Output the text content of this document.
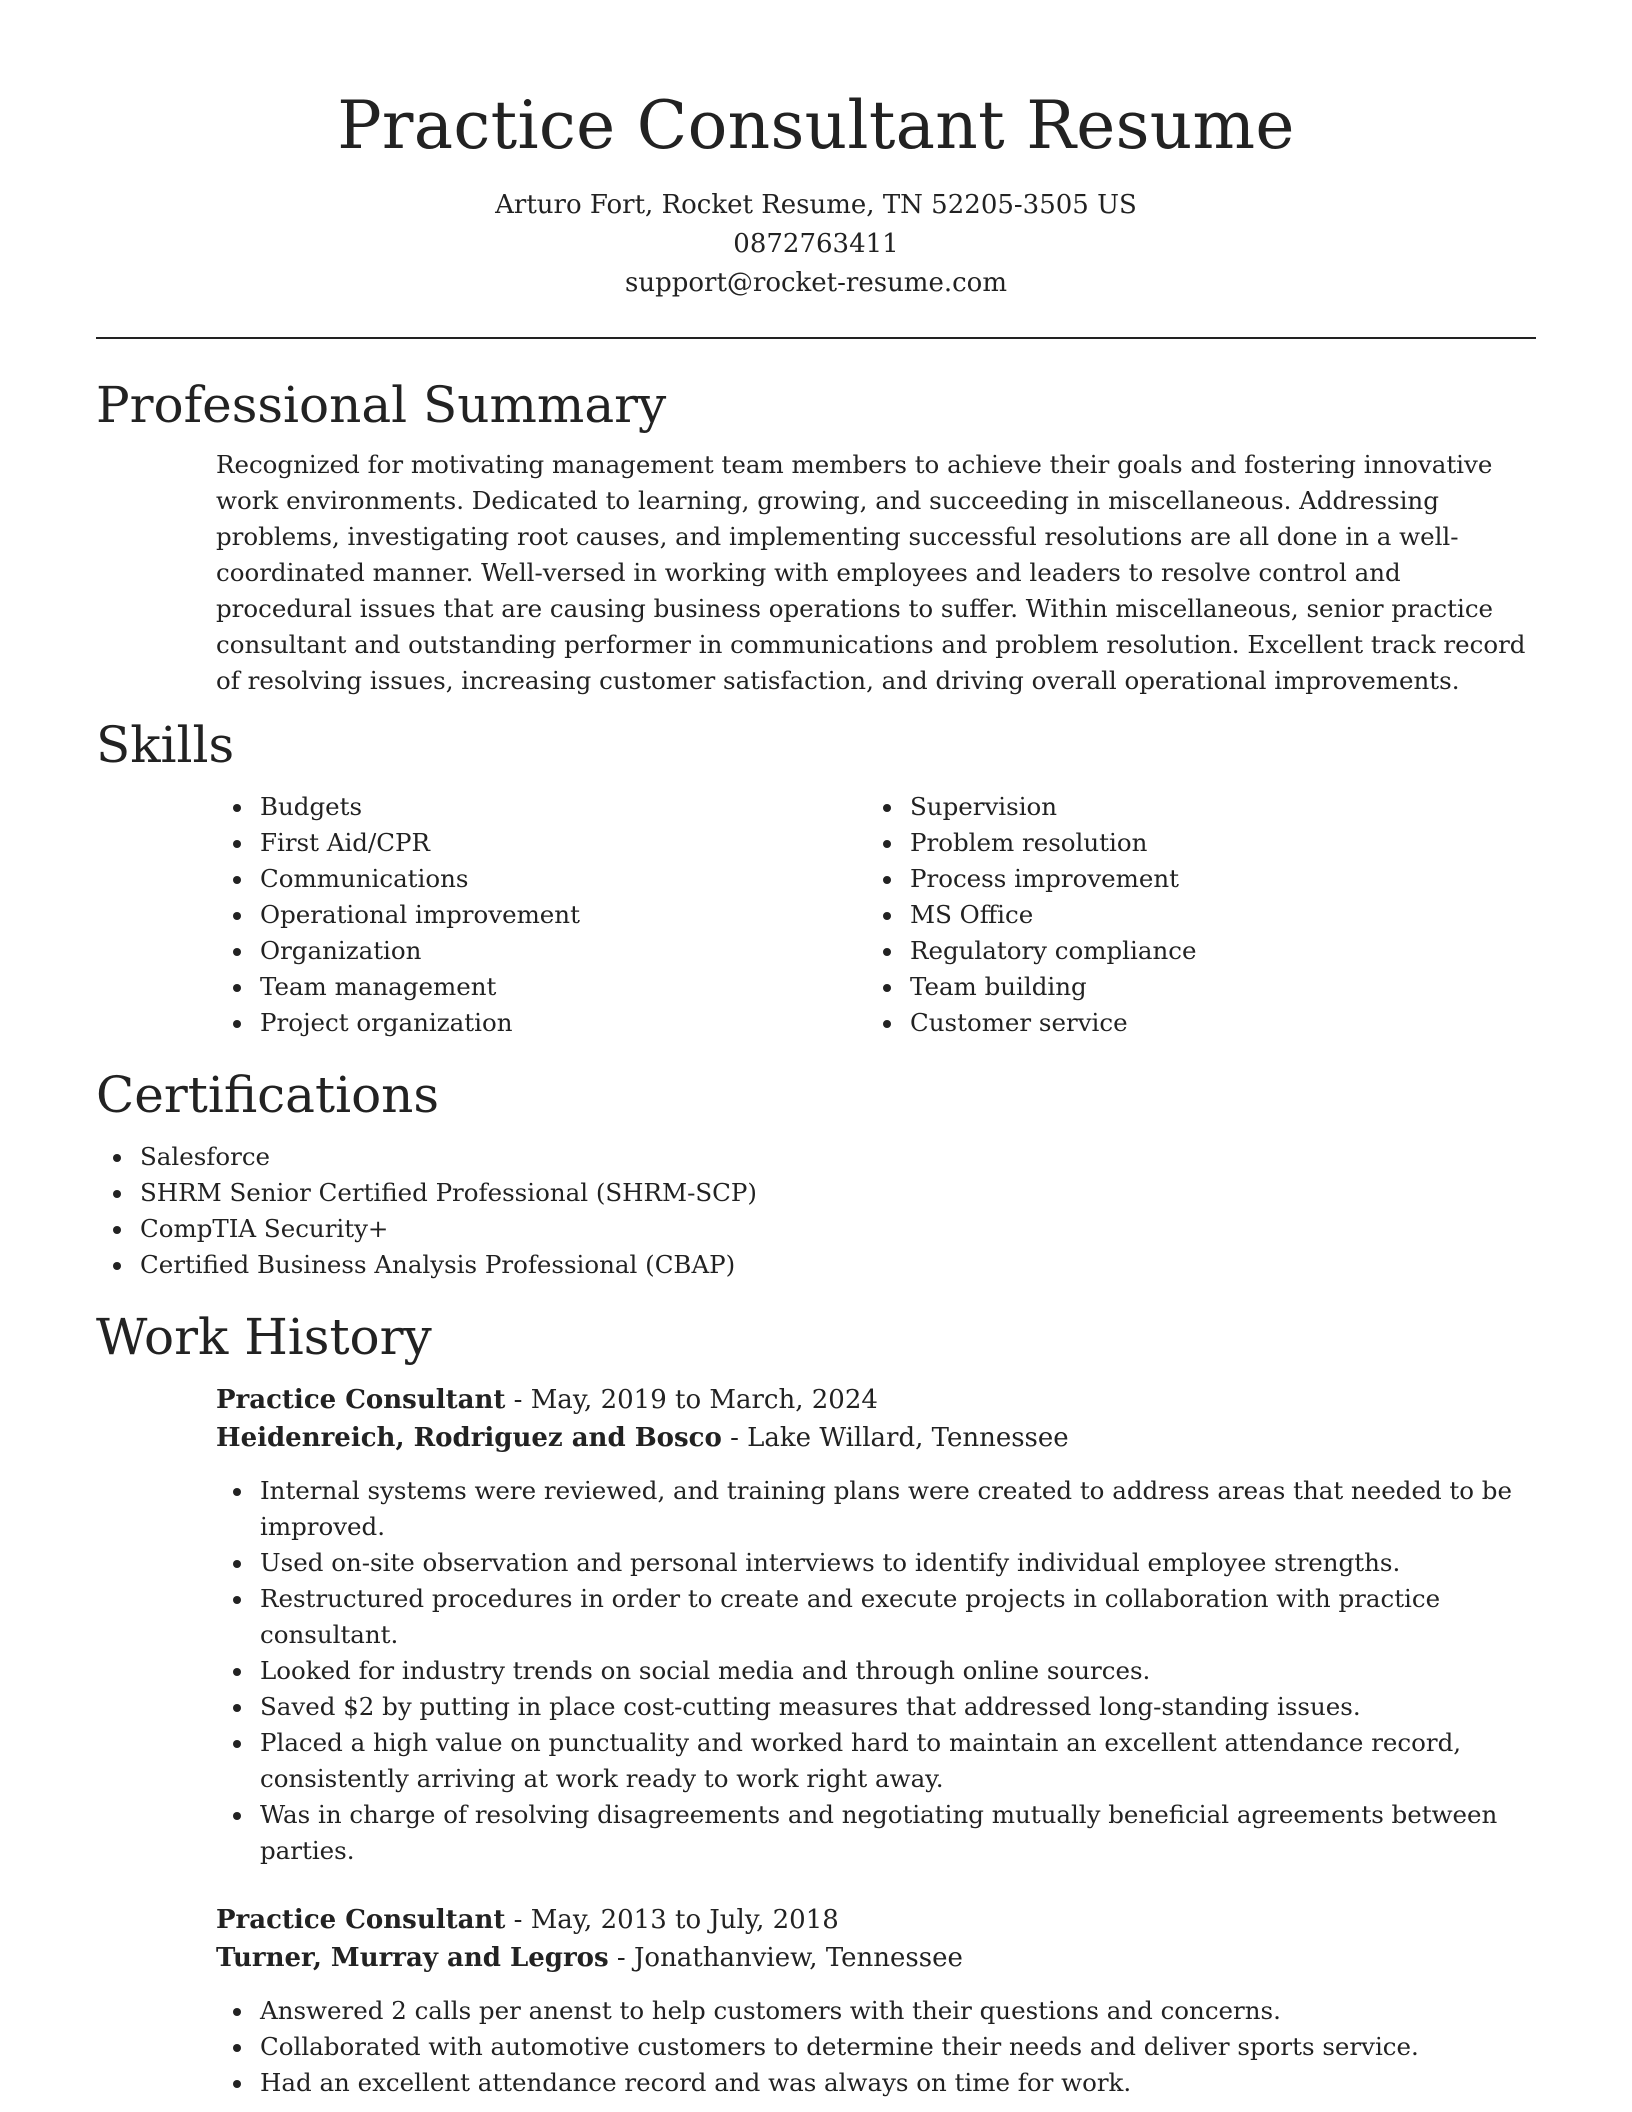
Practice Consultant Resume
Arturo Fort, Rocket Resume, TN 52205-3505 US
0872763411
support@rocket-resume.com
Professional Summary

Recognized for motivating management team members to achieve their goals and fostering innovative work environments. Dedicated to learning, growing, and succeeding in miscellaneous. Addressing problems, investigating root causes, and implementing successful resolutions are all done in a well-coordinated manner. Well-versed in working with employees and leaders to resolve control and procedural issues that are causing business operations to suffer. Within miscellaneous, senior practice consultant and outstanding performer in communications and problem resolution. Excellent track record of resolving issues, increasing customer satisfaction, and driving overall operational improvements.

Skills
Budgets
First Aid/CPR
Communications
Operational improvement
Organization
Team management
Project organization
Supervision
Problem resolution
Process improvement
MS Office
Regulatory compliance
Team building
Customer service
Certifications
Salesforce
SHRM Senior Certified Professional (SHRM-SCP)
CompTIA Security+
Certified Business Analysis Professional (CBAP)
Work History
Practice Consultant - May, 2019 to March, 2024
Heidenreich, Rodriguez and Bosco - Lake Willard, Tennessee
Internal systems were reviewed, and training plans were created to address areas that needed to be improved.
Used on-site observation and personal interviews to identify individual employee strengths.
Restructured procedures in order to create and execute projects in collaboration with practice consultant.
Looked for industry trends on social media and through online sources.
Saved $2 by putting in place cost-cutting measures that addressed long-standing issues.
Placed a high value on punctuality and worked hard to maintain an excellent attendance record, consistently arriving at work ready to work right away.
Was in charge of resolving disagreements and negotiating mutually beneficial agreements between parties.
Practice Consultant - May, 2013 to July, 2018
Turner, Murray and Legros - Jonathanview, Tennessee
Answered 2 calls per anenst to help customers with their questions and concerns.
Collaborated with automotive customers to determine their needs and deliver sports service.
Had an excellent attendance record and was always on time for work.
